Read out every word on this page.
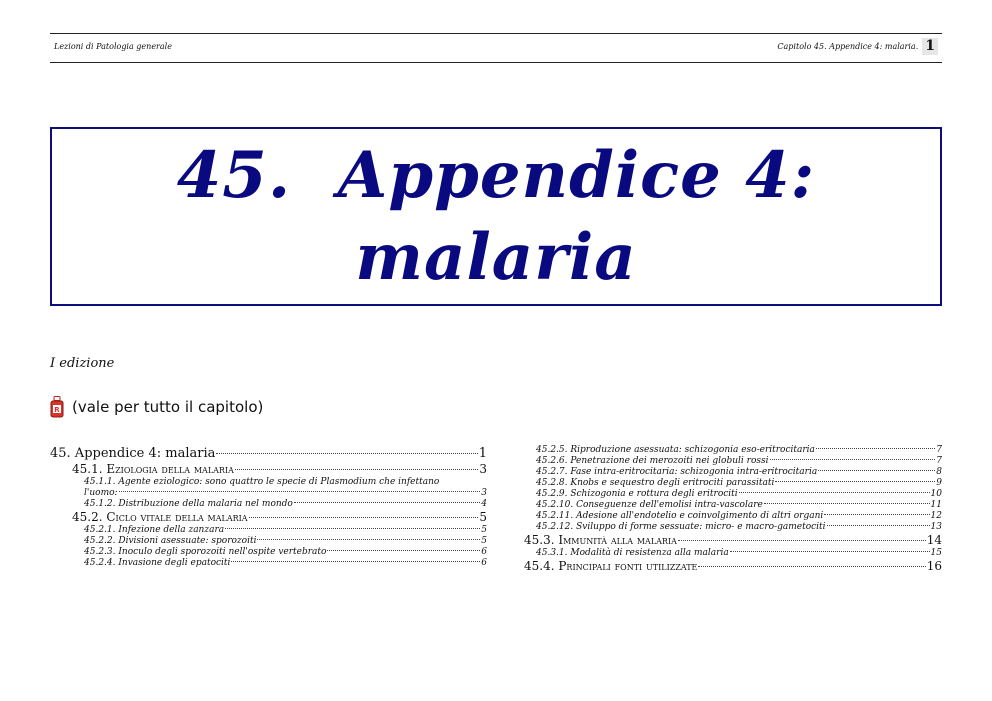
Lezioni di Patologia generale	Capitolo 45. Appendice 4: malaria. 1
45.  Appendice 4:
malaria
I edizione
R (vale per tutto il capitolo)
45. Appendice 4: malaria	1
45.1. Eziologia della malaria	3
45.1.1. Agente eziologico: sono quattro le specie di Plasmodium che infettano
l'uomo:	3
45.1.2. Distribuzione della malaria nel mondo	4
45.2. Ciclo vitale della malaria	5
45.2.1. Infezione della zanzara	5
45.2.2. Divisioni asessuate: sporozoiti	5
45.2.3. Inoculo degli sporozoiti nell'ospite vertebrato	6
45.2.4. Invasione degli epatociti	6
45.2.5. Riproduzione asessuata: schizogonia eso-eritrocitaria	7
45.2.6. Penetrazione dei merozoiti nei globuli rossi	7
45.2.7. Fase intra-eritrocitaria: schizogonia intra-eritrocitaria	8
45.2.8. Knobs e sequestro degli eritrociti parassitati	9
45.2.9. Schizogonia e rottura degli eritrociti	10
45.2.10. Conseguenze dell'emolisi intra-vascolare	11
45.2.11. Adesione all'endotelio e coinvolgimento di altri organi	12
45.2.12. Sviluppo di forme sessuate: micro- e macro-gametociti	13
45.3. Immunità alla malaria	14
45.3.1. Modalità di resistenza alla malaria	15
45.4. Principali fonti utilizzate	16
